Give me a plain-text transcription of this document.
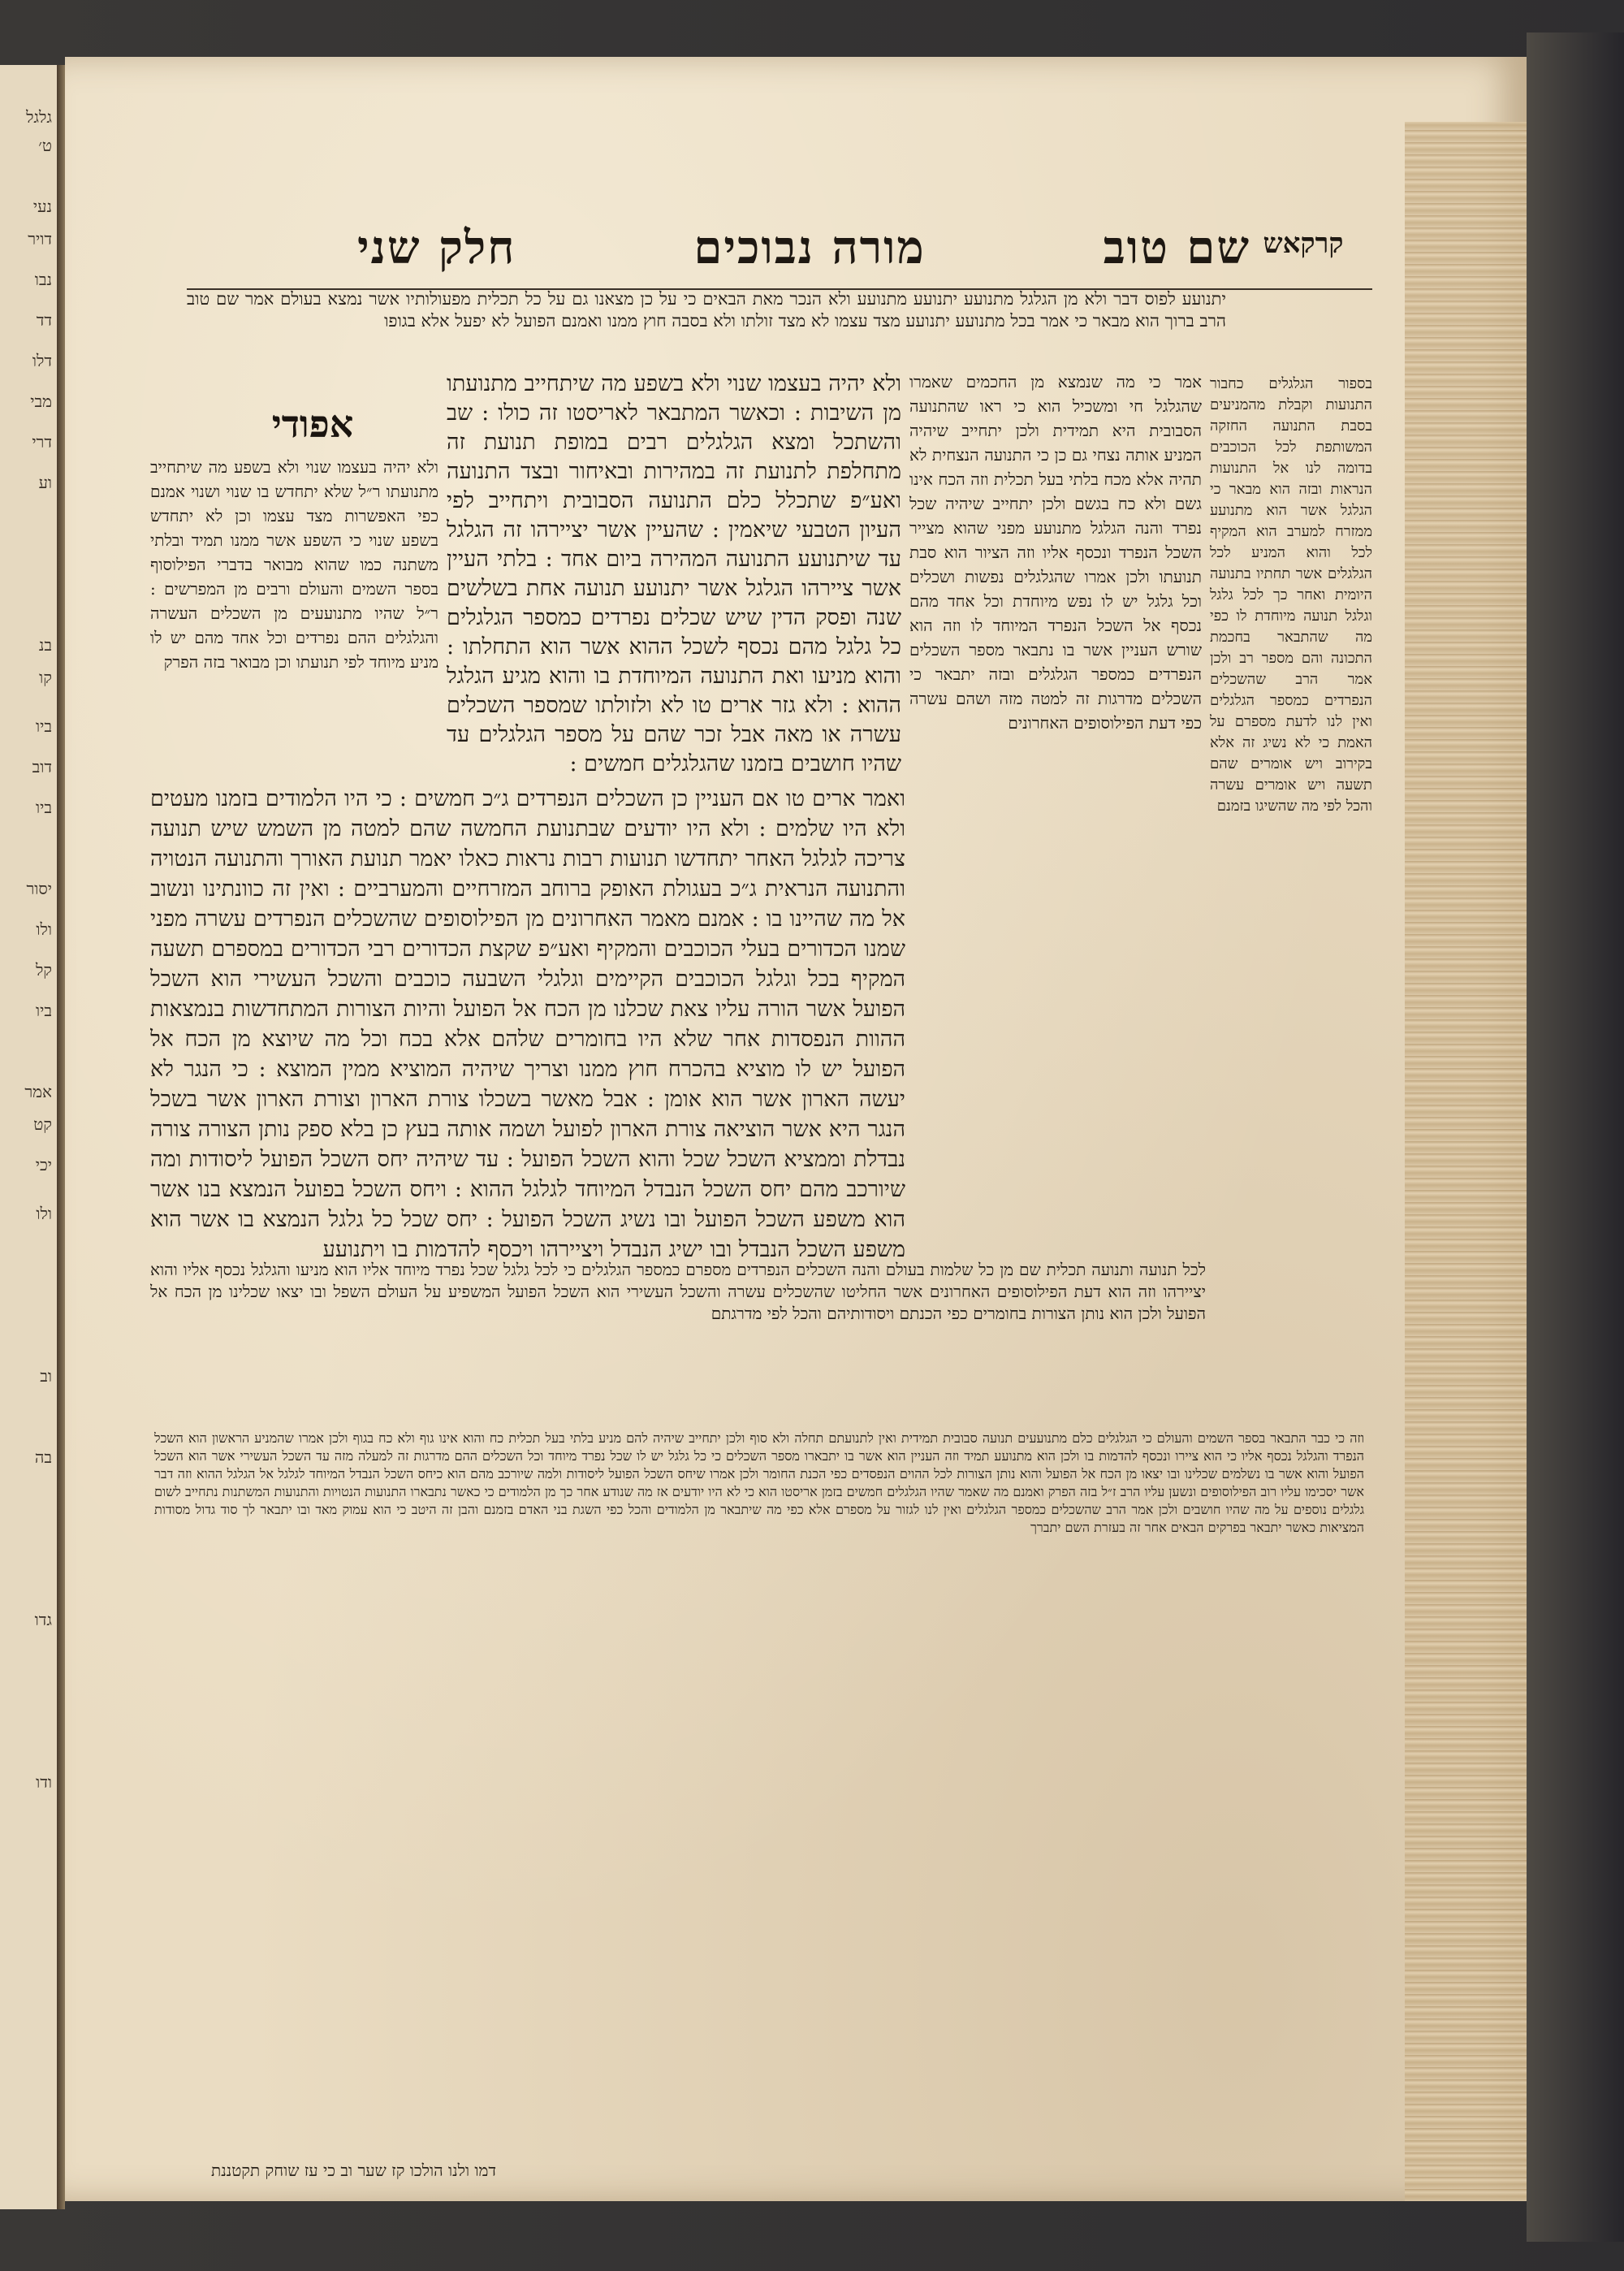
גלגל
ט׳
נעי
דויר
נבו
דד
דלו
מבי
דרי
וע
בנ
קו
ביו
דוב
ביו
יסור
ולו
קל
ביו
אמר
קט
יכי
ולו
וב
בה
גדו
ודו
שם טוב
מורה נבוכים
חלק שני	קרקאש
יתנועע לפוס דבר ולא מן הגלגל מתנועע יתנועע מתנועע ולא הנכר מאת הבאים כי על כן מצאנו גם על כל תכלית מפעולותיו אשר נמצא בעולם אמר שם טוב הרב ברוך הוא מבאר כי אמר בכל מתנועע יתנועע מצד עצמו לא מצד זולתו ולא בסבה חוץ ממנו ואמנם הפועל לא יפעל אלא בגופו
בספור הגלגלים כחבור התנועות וקבלת מהמניעים בסבת התנועה החזקה המשותפת לכל הכוכבים בדומה לנו אל התנועות הנראות ובזה הוא מבאר כי הגלגל אשר הוא מתנועע ממזרח למערב הוא המקיף לכל והוא המניע לכל הגלגלים אשר תחתיו בתנועה היומית ואחר כך לכל גלגל וגלגל תנועה מיוחדת לו כפי מה שהתבאר בחכמת התכונה והם מספר רב ולכן אמר הרב שהשכלים הנפרדים כמספר הגלגלים ואין לנו לדעת מספרם על האמת כי לא נשיג זה אלא בקירוב ויש אומרים שהם תשעה ויש אומרים עשרה והכל לפי מה שהשיגו בזמנם
אמר כי מה שנמצא מן החכמים שאמרו שהגלגל חי ומשכיל הוא כי ראו שהתנועה הסבובית היא תמידית ולכן יתחייב שיהיה המניע אותה נצחי גם כן כי התנועה הנצחית לא תהיה אלא מכח בלתי בעל תכלית וזה הכח אינו גשם ולא כח בגשם ולכן יתחייב שיהיה שכל נפרד והנה הגלגל מתנועע מפני שהוא מצייר השכל הנפרד ונכסף אליו וזה הציור הוא סבת תנועתו ולכן אמרו שהגלגלים נפשות ושכלים וכל גלגל יש לו נפש מיוחדת וכל אחד מהם נכסף אל השכל הנפרד המיוחד לו וזה הוא שורש העניין אשר בו נתבאר מספר השכלים הנפרדים כמספר הגלגלים ובזה יתבאר כי השכלים מדרגות זה למטה מזה ושהם עשרה כפי דעת הפילוסופים האחרונים
ולא יהיה בעצמו שנוי ולא בשפע מה שיתחייב מתנועתו מן השיבות : וכאשר המתבאר לאריסטו זה כולו : שב והשתכל ומצא הגלגלים רבים במופת תנועת זה מתחלפת לתנועת זה במהירות ובאיחור ובצד התנועה ואע״פ שתכלל כלם התנועה הסבובית ויתחייב לפי העיון הטבעי שיאמין : שהעיין אשר יציירהו זה הגלגל עד שיתנועע התנועה המהירה ביום אחד : בלתי העיין אשר ציירהו הגלגל אשר יתנועע תנועה אחת בשלשים שנה ופסק הדין שיש שכלים נפרדים כמספר הגלגלים כל גלגל מהם נכסף לשכל ההוא אשר הוא התחלתו : והוא מניעו ואת התנועה המיוחדת בו והוא מגיע הגלגל ההוא : ולא גזר ארים טו לא ולזולתו שמספר השכלים עשרה או מאה אבל זכר שהם על מספר הגלגלים עד שהיו חושבים בזמנו שהגלגלים חמשים :
אפודי
ולא יהיה בעצמו שנוי ולא בשפע מה שיתחייב מתנועתו ר״ל שלא יתחדש בו שנוי ושנוי אמנם כפי האפשרות מצד עצמו וכן לא יתחדש בשפע שנוי כי השפע אשר ממנו תמיד ובלתי משתנה כמו שהוא מבואר בדברי הפילוסוף בספר השמים והעולם ורבים מן המפרשים : ר״ל שהיו מתנועעים מן השכלים העשרה והגלגלים ההם נפרדים וכל אחד מהם יש לו מניע מיוחד לפי תנועתו וכן מבואר בזה הפרק
ואמר ארים טו אם העניין כן השכלים הנפרדים ג״כ חמשים : כי היו הלמודים בזמנו מעטים ולא היו שלמים : ולא היו יודעים שבתנועת החמשה שהם למטה מן השמש שיש תנועה צריכה לגלגל האחר יתחדשו תנועות רבות נראות כאלו יאמר תנועת האורך והתנועה הנטויה והתנועה הנראית ג״כ בעגולת האופק ברוחב המזרחיים והמערביים : ואין זה כוונתינו ונשוב אל מה שהיינו בו : אמנם מאמר האחרונים מן הפילוסופים שהשכלים הנפרדים עשרה מפני שמנו הכדורים בעלי הכוכבים והמקיף ואע״פ שקצת הכדורים רבי הכדורים במספרם תשעה המקיף בכל וגלגל הכוכבים הקיימים וגלגלי השבעה כוכבים והשכל העשירי הוא השכל הפועל אשר הורה עליו צאת שכלנו מן הכח אל הפועל והיות הצורות המתחדשות בנמצאות ההוות הנפסדות אחר שלא היו בחומרים שלהם אלא בכח וכל מה שיוצא מן הכח אל הפועל יש לו מוציא בהכרח חוץ ממנו וצריך שיהיה המוציא ממין המוצא : כי הנגר לא יעשה הארון אשר הוא אומן : אבל מאשר בשכלו צורת הארון וצורת הארון אשר בשכל הנגר היא אשר הוציאה צורת הארון לפועל ושמה אותה בעץ כן בלא ספק נותן הצורה צורה נבדלת וממציא השכל שכל והוא השכל הפועל : עד שיהיה יחס השכל הפועל ליסודות ומה שיורכב מהם יחס השכל הנבדל המיוחד לגלגל ההוא : ויחס השכל בפועל הנמצא בנו אשר הוא משפע השכל הפועל ובו נשיג השכל הפועל : יחס שכל כל גלגל הנמצא בו אשר הוא משפע השכל הנבדל ובו ישיג הנבדל ויציירהו ויכסף להדמות בו ויתנועע
לכל תנועה ותנועה תכלית שם מן כל שלמות בעולם והנה השכלים הנפרדים מספרם כמספר הגלגלים כי לכל גלגל שכל נפרד מיוחד אליו הוא מניעו והגלגל נכסף אליו והוא יציירהו וזה הוא דעת הפילוסופים האחרונים אשר החליטו שהשכלים עשרה והשכל העשירי הוא השכל הפועל המשפיע על העולם השפל ובו יצאו שכלינו מן הכח אל הפועל ולכן הוא נותן הצורות בחומרים כפי הכנתם ויסודותיהם והכל לפי מדרגתם
וזה כי כבר התבאר בספר השמים והעולם כי הגלגלים כלם מתנועעים תנועה סבובית תמידית ואין לתנועתם תחלה ולא סוף ולכן יתחייב שיהיה להם מניע בלתי בעל תכלית כח והוא אינו גוף ולא כח בגוף ולכן אמרו שהמניע הראשון הוא השכל הנפרד והגלגל נכסף אליו כי הוא ציירו ונכסף להדמות בו ולכן הוא מתנועע תמיד וזה העניין הוא אשר בו יתבארו מספר השכלים כי כל גלגל יש לו שכל נפרד מיוחד וכל השכלים ההם מדרגות זה למעלה מזה עד השכל העשירי אשר הוא השכל הפועל והוא אשר בו נשלמים שכלינו ובו יצאו מן הכח אל הפועל והוא נותן הצורות לכל ההוים הנפסדים כפי הכנת החומר ולכן אמרו שיחס השכל הפועל ליסודות ולמה שיורכב מהם הוא כיחס השכל הנבדל המיוחד לגלגל אל הגלגל ההוא וזה דבר אשר יסכימו עליו רוב הפילוסופים ונשען עליו הרב ז״ל בזה הפרק ואמנם מה שאמר שהיו הגלגלים חמשים בזמן אריסטו הוא כי לא היו יודעים אז מה שנודע אחר כך מן הלמודים כי כאשר נתבארו התנועות הנטויות והתנועות המשתנות נתחייב לשום גלגלים נוספים על מה שהיו חושבים ולכן אמר הרב שהשכלים כמספר הגלגלים ואין לנו לגזור על מספרם אלא כפי מה שיתבאר מן הלמודים והכל כפי השגת בני האדם בזמנם והבן זה היטב כי הוא עמוק מאד ובו יתבאר לך סוד גדול מסודות המציאות כאשר יתבאר בפרקים הבאים אחר זה בעזרת השם יתברך
דמו ולנו הולכו קז שער וב כי עז שוחק תקטננת
